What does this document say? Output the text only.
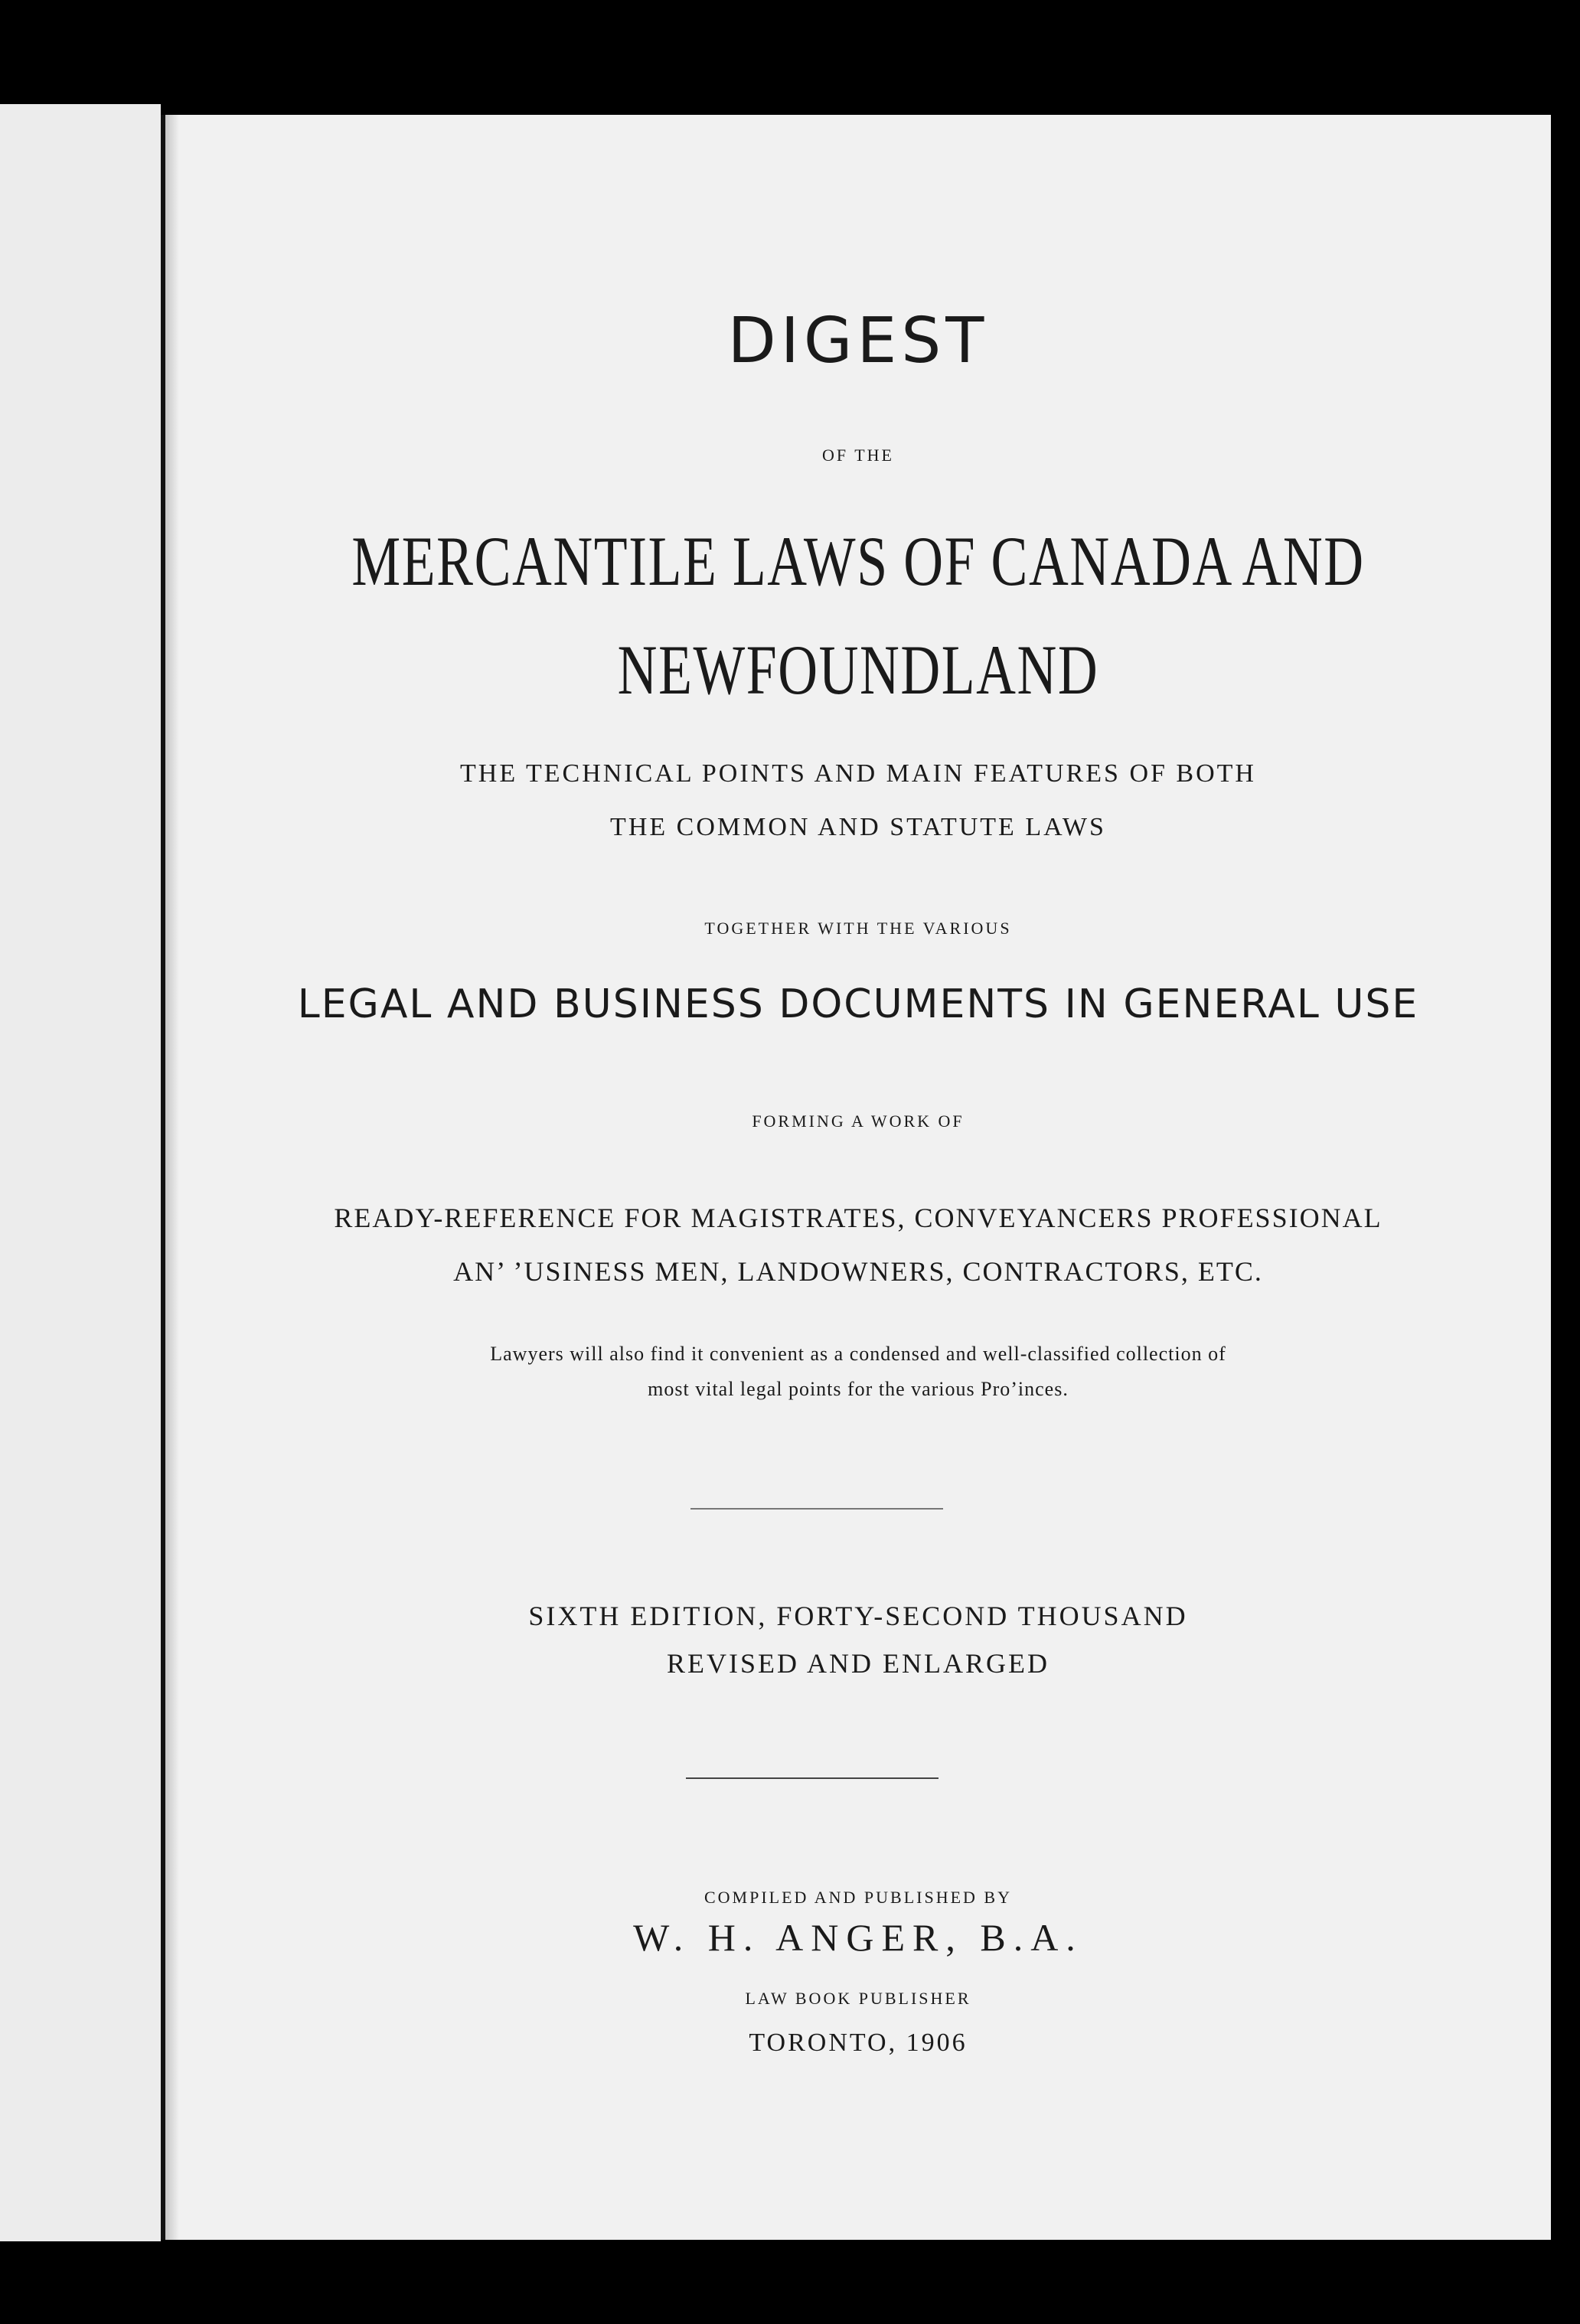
DIGEST
OF THE
MERCANTILE LAWS OF CANADA AND
NEWFOUNDLAND
THE TECHNICAL POINTS AND MAIN FEATURES OF BOTH
THE COMMON AND STATUTE LAWS
TOGETHER WITH THE VARIOUS
LEGAL AND BUSINESS DOCUMENTS IN GENERAL USE
FORMING A WORK OF
READY-REFERENCE FOR MAGISTRATES, CONVEYANCERS PROFESSIONAL
AN’ ’USINESS MEN, LANDOWNERS, CONTRACTORS, ETC.
Lawyers will also find it convenient as a condensed and well-classified collection of
most vital legal points for the various Pro’inces.
SIXTH EDITION, FORTY-SECOND THOUSAND
REVISED AND ENLARGED
COMPILED AND PUBLISHED BY
W. H. ANGER, B.A.
LAW BOOK PUBLISHER
TORONTO, 1906
